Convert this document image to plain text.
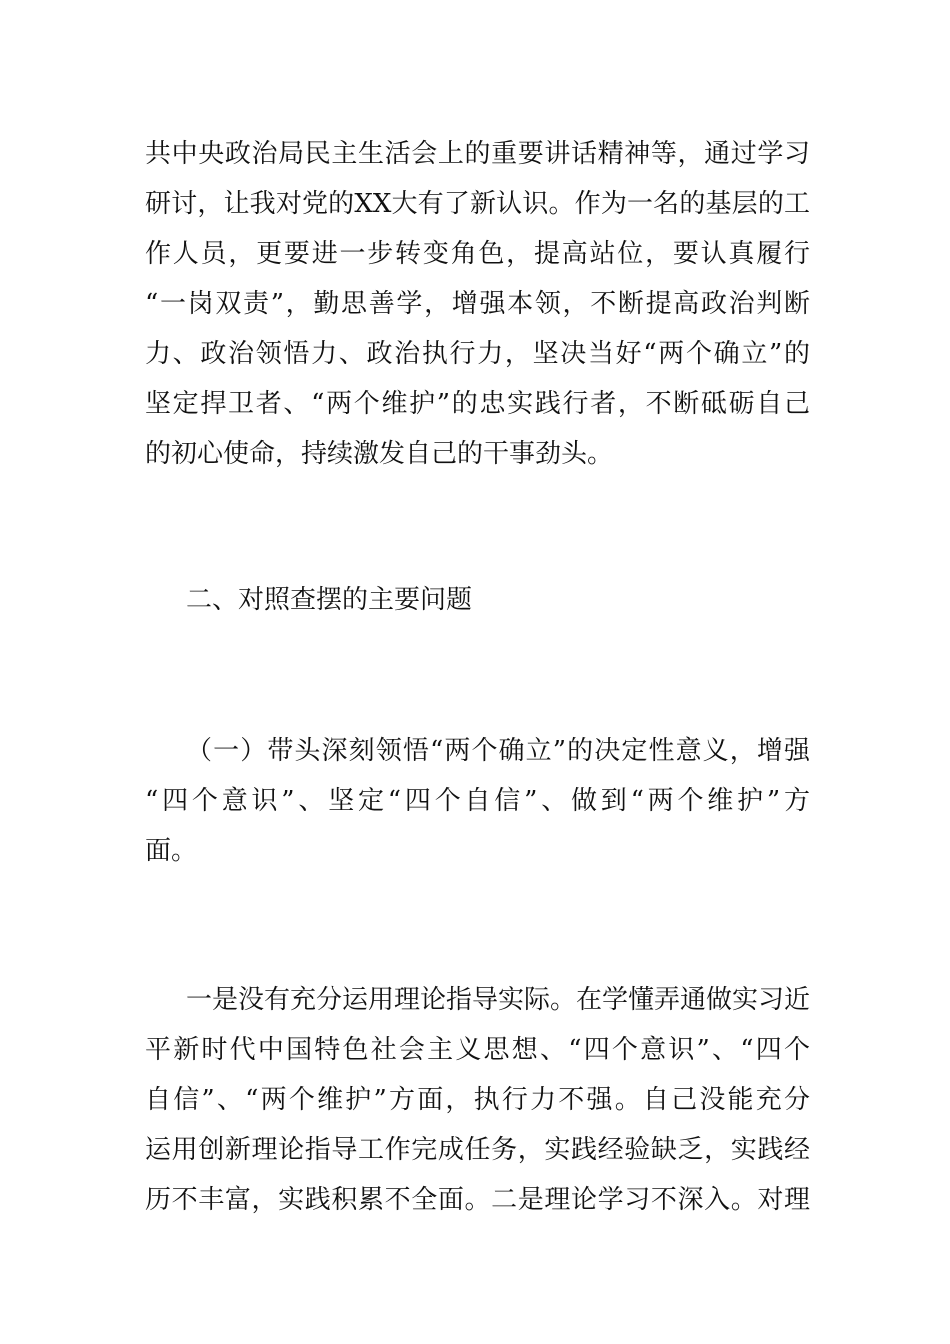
共中央政治局民主生活会上的重要讲话精神等，通过学习
研讨，让我对党的XX大有了新认识。作为一名的基层的工
作人员，更要进一步转变角色，提高站位，要认真履行
“一岗双责”，勤思善学，增强本领，不断提高政治判断
力、政治领悟力、政治执行力，坚决当好“两个确立”的
坚定捍卫者、“两个维护”的忠实践行者，不断砥砺自己
的初心使命，持续激发自己的干事劲头。
二、对照查摆的主要问题
（一）带头深刻领悟“两个确立”的决定性意义，增强
“四个意识”、坚定“四个自信”、做到“两个维护”方
面。
一是没有充分运用理论指导实际。在学懂弄通做实习近
平新时代中国特色社会主义思想、“四个意识”、“四个
自信”、“两个维护”方面，执行力不强。自己没能充分
运用创新理论指导工作完成任务，实践经验缺乏，实践经
历不丰富，实践积累不全面。二是理论学习不深入。对理
